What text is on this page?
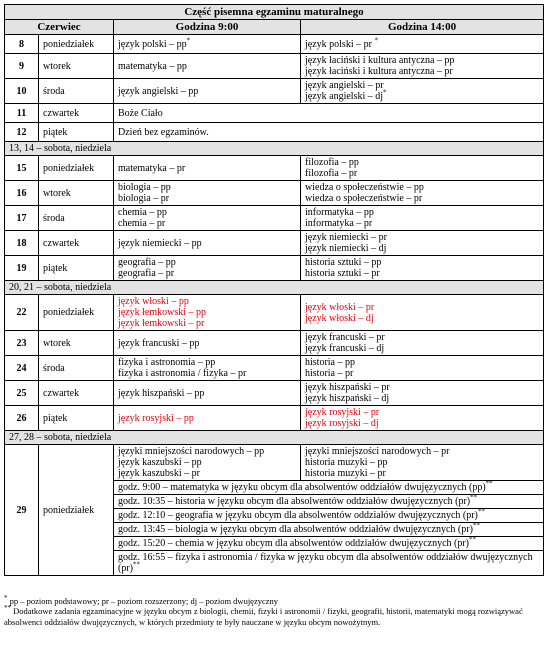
Część pisemna egzaminu maturalnego			
Czerwiec		Godzina 9:00	Godzina 14:00
8	poniedziałek	język polski – pp*	język polski – pr *

9	wtorek	matematyka – pp	język łaciński i kultura antyczna – pp
język łaciński i kultura antyczna – pr

10	środa	język angielski – pp	język angielski – pr
język angielski – dj*

11	czwartek	Boże Ciało	
12	piątek	Dzień bez egzaminów.	
13, 14 – sobota, niedziela			
15	poniedziałek	matematyka – pr	filozofia – pp
filozofia – pr

16	wtorek	biologia – pp
biologia – pr	wiedza o społeczeństwie – pp
wiedza o społeczeństwie – pr

17	środa	chemia – pp
chemia – pr	informatyka – pp
informatyka – pr

18	czwartek	język niemiecki – pp	język niemiecki – pr
język niemiecki – dj

19	piątek	geografia – pp
geografia – pr	historia sztuki – pp
historia sztuki – pr

20, 21 – sobota, niedziela			
22	poniedziałek	język włoski – pp
język łemkowski – pp
język łemkowski – pr	język włoski – pr
język włoski – dj

23	wtorek	język francuski – pp	język francuski – pr
język francuski – dj

24	środa	fizyka i astronomia – pp
fizyka i astronomia / fizyka – pr	historia – pp
historia – pr

25	czwartek	język hiszpański – pp	język hiszpański – pr
język hiszpański – dj

26	piątek	język rosyjski – pp	język rosyjski – pr
język rosyjski – dj

27, 28 – sobota, niedziela			
29	poniedziałek	języki mniejszości narodowych – pp
język kaszubski – pp
język kaszubski – pr	języki mniejszości narodowych – pr
historia muzyki – pp
historia muzyki – pr

		godz. 9:00 – matematyka w języku obcym dla absolwentów oddziałów dwujęzycznych (pp)**
		godz. 10:35 – historia w języku obcym dla absolwentów oddziałów dwujęzycznych (pr)**
		godz. 12:10 – geografia w języku obcym dla absolwentów oddziałów dwujęzycznych (pr)**
		godz. 13:45 – biologia w języku obcym dla absolwentów oddziałów dwujęzycznych (pr)**
		godz. 15:20 – chemia w języku obcym dla absolwentów oddziałów dwujęzycznych (pr)**
		godz. 16:55 – fizyka i astronomia / fizyka w języku obcym dla absolwentów oddziałów dwujęzycznych (pr)**
* pp – poziom podstawowy; pr – poziom rozszerzony; dj – poziom dwujęzyczny
** Dodatkowe zadania egzaminacyjne w języku obcym z biologii, chemii, fizyki i astronomii / fizyki, geografii, historii, matematyki mogą rozwiązywać absolwenci oddziałów dwujęzycznych, w których przedmioty te były nauczane w języku obcym nowożytnym.
